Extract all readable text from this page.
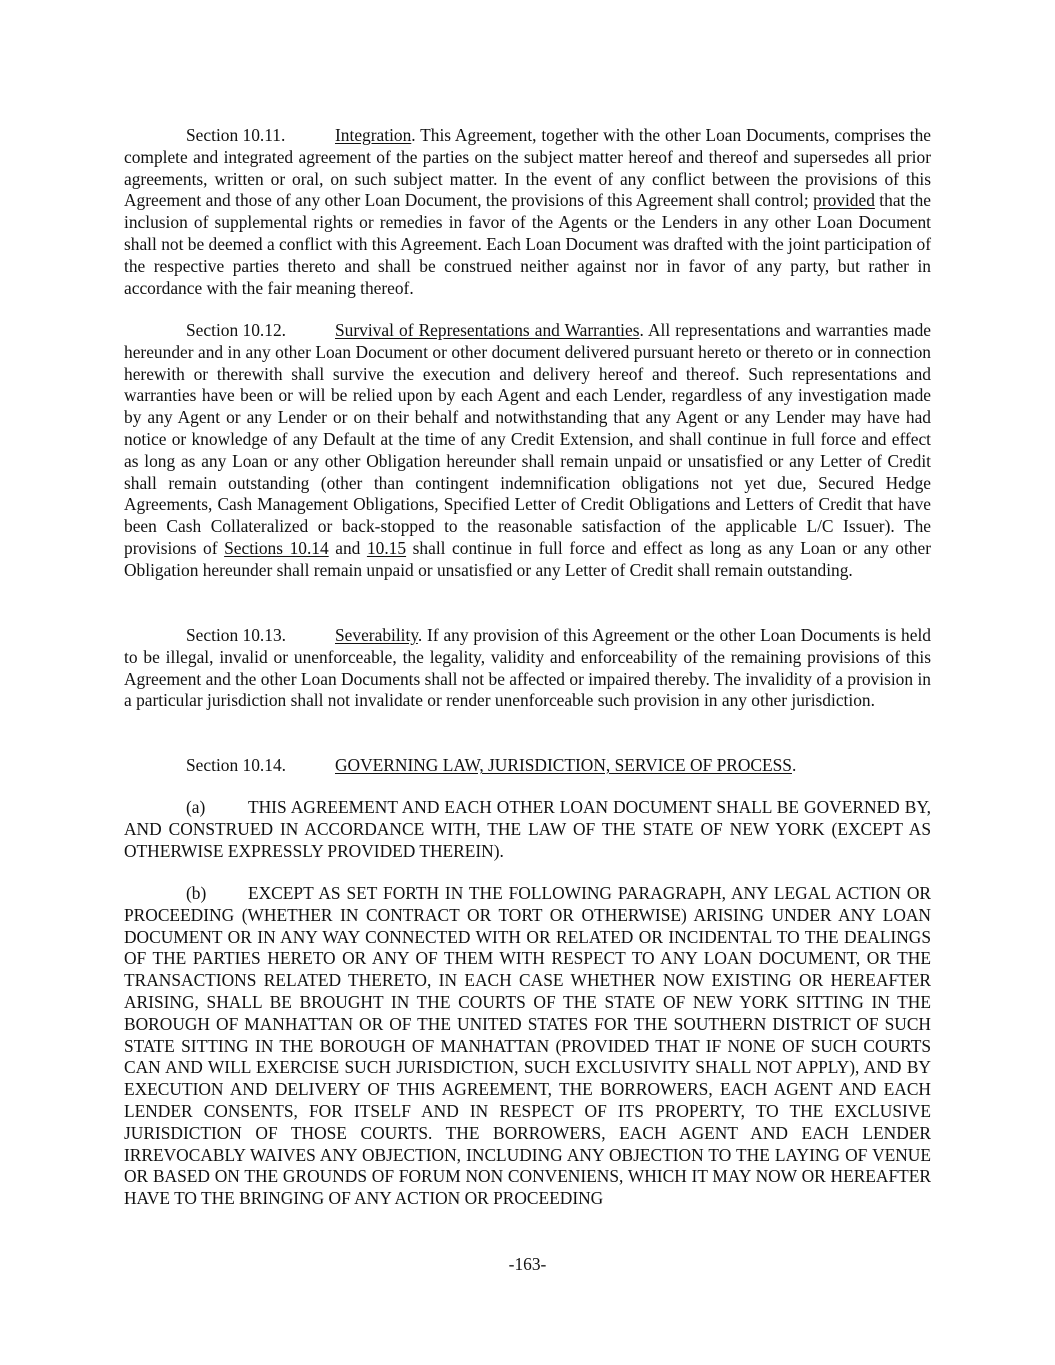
Section 10.11.	Integration. This Agreement, together with the other Loan Documents, comprises the complete and integrated agreement of the parties on the subject matter hereof and thereof and supersedes all prior agreements, written or oral, on such subject matter. In the event of any conflict between the provisions of this Agreement and those of any other Loan Document, the provisions of this Agreement shall control; provided that the inclusion of supplemental rights or remedies in favor of the Agents or the Lenders in any other Loan Document shall not be deemed a conflict with this Agreement. Each Loan Document was drafted with the joint participation of the respective parties thereto and shall be construed neither against nor in favor of any party, but rather in accordance with the fair meaning thereof.

Section 10.12.	Survival of Representations and Warranties. All representations and warranties made hereunder and in any other Loan Document or other document delivered pursuant hereto or thereto or in connection herewith or therewith shall survive the execution and delivery hereof and thereof. Such representations and warranties have been or will be relied upon by each Agent and each Lender, regardless of any investigation made by any Agent or any Lender or on their behalf and notwithstanding that any Agent or any Lender may have had notice or knowledge of any Default at the time of any Credit Extension, and shall continue in full force and effect as long as any Loan or any other Obligation hereunder shall remain unpaid or unsatisfied or any Letter of Credit shall remain outstanding (other than contingent indemnification obligations not yet due, Secured Hedge Agreements, Cash Management Obligations, Specified Letter of Credit Obligations and Letters of Credit that have been Cash Collateralized or back-stopped to the reasonable satisfaction of the applicable L/C Issuer). The provisions of Sections 10.14 and 10.15 shall continue in full force and effect as long as any Loan or any other Obligation hereunder shall remain unpaid or unsatisfied or any Letter of Credit shall remain outstanding.

Section 10.13.	Severability. If any provision of this Agreement or the other Loan Documents is held to be illegal, invalid or unenforceable, the legality, validity and enforceability of the remaining provisions of this Agreement and the other Loan Documents shall not be affected or impaired thereby. The invalidity of a provision in a particular jurisdiction shall not invalidate or render unenforceable such provision in any other jurisdiction.

Section 10.14.	GOVERNING LAW, JURISDICTION, SERVICE OF PROCESS.

(a) THIS AGREEMENT AND EACH OTHER LOAN DOCUMENT SHALL BE GOVERNED BY, AND CONSTRUED IN ACCORDANCE WITH, THE LAW OF THE STATE OF NEW YORK (EXCEPT AS OTHERWISE EXPRESSLY PROVIDED THEREIN).

(b) EXCEPT AS SET FORTH IN THE FOLLOWING PARAGRAPH, ANY LEGAL ACTION OR PROCEEDING (WHETHER IN CONTRACT OR TORT OR OTHERWISE) ARISING UNDER ANY LOAN DOCUMENT OR IN ANY WAY CONNECTED WITH OR RELATED OR INCIDENTAL TO THE DEALINGS OF THE PARTIES HERETO OR ANY OF THEM WITH RESPECT TO ANY LOAN DOCUMENT, OR THE TRANSACTIONS RELATED THERETO, IN EACH CASE WHETHER NOW EXISTING OR HEREAFTER ARISING, SHALL BE BROUGHT IN THE COURTS OF THE STATE OF NEW YORK SITTING IN THE BOROUGH OF MANHATTAN OR OF THE UNITED STATES FOR THE SOUTHERN DISTRICT OF SUCH STATE SITTING IN THE BOROUGH OF MANHATTAN (PROVIDED THAT IF NONE OF SUCH COURTS CAN AND WILL EXERCISE SUCH JURISDICTION, SUCH EXCLUSIVITY SHALL NOT APPLY), AND BY EXECUTION AND DELIVERY OF THIS AGREEMENT, THE BORROWERS, EACH AGENT AND EACH LENDER CONSENTS, FOR ITSELF AND IN RESPECT OF ITS PROPERTY, TO THE EXCLUSIVE JURISDICTION OF THOSE COURTS. THE BORROWERS, EACH AGENT AND EACH LENDER IRREVOCABLY WAIVES ANY OBJECTION, INCLUDING ANY OBJECTION TO THE LAYING OF VENUE OR BASED ON THE GROUNDS OF FORUM NON CONVENIENS, WHICH IT MAY NOW OR HEREAFTER HAVE TO THE BRINGING OF ANY ACTION OR PROCEEDING

-163-
